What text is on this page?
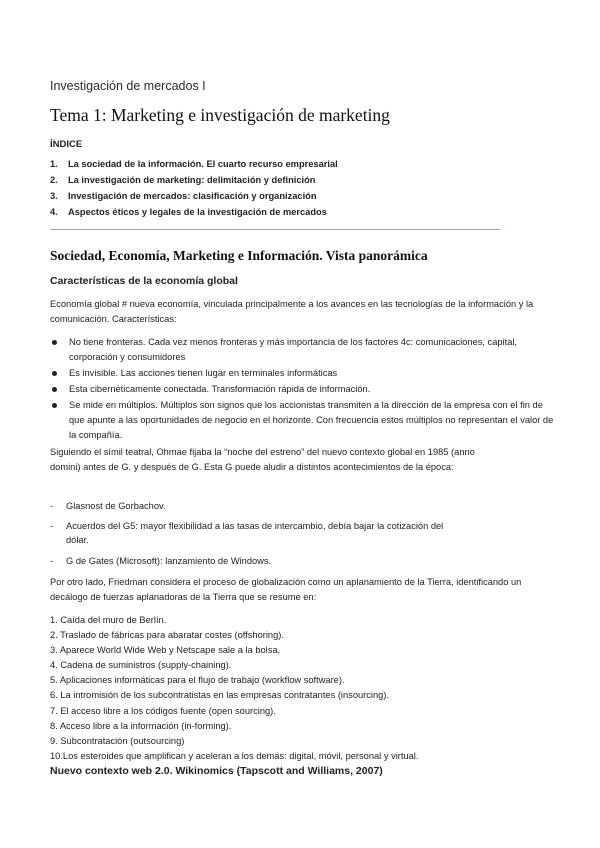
Investigación de mercados I
Tema 1: Marketing e investigación de marketing
ÍNDICE
1. La sociedad de la información. El cuarto recurso empresarial
2. La investigación de marketing: delimitación y definición
3. Investigación de mercados: clasificación y organización
4. Aspectos éticos y legales de la investigación de mercados
Sociedad, Economía, Marketing e Información. Vista panorámica
Características de la economía global

Economía global # nueva economía, vinculada principalmente a los avances en las tecnologías de la información y la comunicación. Características:

No tiene fronteras. Cada vez menos fronteras y más importancia de los factores 4c: comunicaciones, capital, corporación y consumidores
Es invisible. Las acciones tienen lugar en terminales informáticas
Esta cibernéticamente conectada. Transformación rápida de información.
Se mide en múltiplos. Múltiplos son signos que los accionistas transmiten a la dirección de la empresa con el fin de que apunte a las oportunidades de negocio en el horizonte. Con frecuencia estos múltiplos no representan el valor de la compañía.

Siguiendo el símil teatral, Ohmae fijaba la “noche del estreno” del nuevo contexto global en 1985 (anno domini) antes de G. y después de G. Esta G puede aludir a distintos acontecimientos de la época:

-	Glasnost de Gorbachov.
-	Acuerdos del G5: mayor flexibilidad a las tasas de intercambio, debía bajar la cotización del dólar.
-	G de Gates (Microsoft): lanzamiento de Windows.

Por otro lado, Friedman considera el proceso de globalización como un aplanamiento de la Tierra, identificando un decálogo de fuerzas aplanadoras de la Tierra que se resume en:

1. Caída del muro de Berlín.
2. Traslado de fábricas para abaratar costes (offshoring).
3. Aparece World Wide Web y Netscape sale a la bolsa.
4. Cadena de suministros (supply-chaining).
5. Aplicaciones informáticas para el flujo de trabajo (workflow software).
6. La intromisión de los subcontratistas en las empresas contratantes (insourcing).
7. El acceso libre a los códigos fuente (open sourcing).
8. Acceso libre a la información (in-forming).
9. Subcontratación (outsourcing)
10.Los esteroides que amplifican y aceleran a los demás: digital, móvil, personal y virtual.
Nuevo contexto web 2.0. Wikinomics (Tapscott and Williams, 2007)
